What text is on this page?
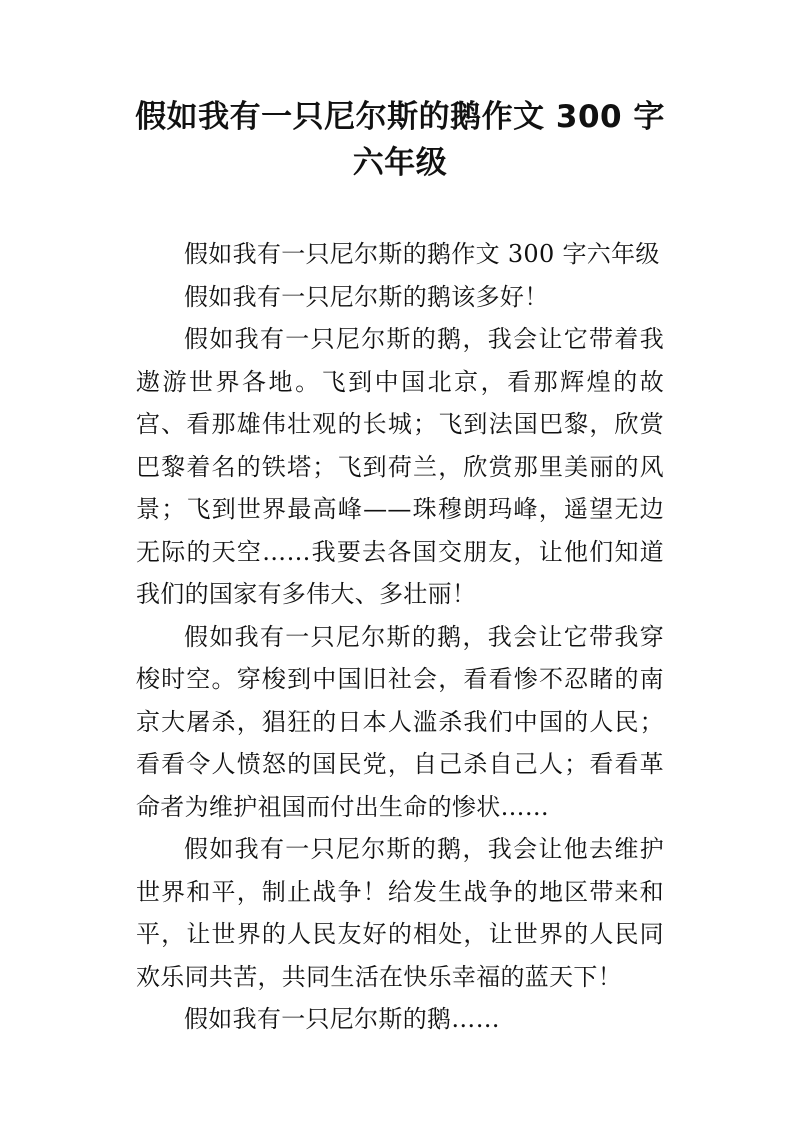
假如我有一只尼尔斯的鹅作文 300 字
六年级

假如我有一只尼尔斯的鹅作文 300 字六年级

假如我有一只尼尔斯的鹅该多好！

假如我有一只尼尔斯的鹅，我会让它带着我遨游世界各地。飞到中国北京，看那辉煌的故宫、看那雄伟壮观的长城；飞到法国巴黎，欣赏巴黎着名的铁塔；飞到荷兰，欣赏那里美丽的风景；飞到世界最高峰——珠穆朗玛峰，遥望无边无际的天空……我要去各国交朋友，让他们知道我们的国家有多伟大、多壮丽！

假如我有一只尼尔斯的鹅，我会让它带我穿梭时空。穿梭到中国旧社会，看看惨不忍睹的南京大屠杀，猖狂的日本人滥杀我们中国的人民；看看令人愤怒的国民党，自己杀自己人；看看革命者为维护祖国而付出生命的惨状……

假如我有一只尼尔斯的鹅，我会让他去维护世界和平，制止战争！给发生战争的地区带来和平，让世界的人民友好的相处，让世界的人民同欢乐同共苦，共同生活在快乐幸福的蓝天下！

假如我有一只尼尔斯的鹅……
